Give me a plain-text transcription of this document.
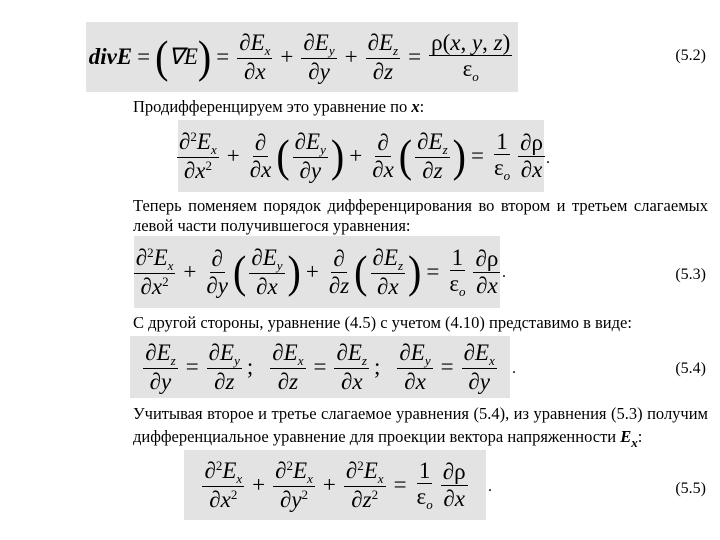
divE = ( ∇E ) = $\frac{\partial E_x}{\partial x} + \frac{\partial E_y}{\partial y} + \frac{\partial E_z}{\partial z} = \frac{\rho(x, y, z)}{\varepsilon_o}$	(5.2)

Продифференцируем это уравнение по x:

$\frac{\partial^2E_x}{\partial x^2} + \frac{\partial}{\partial x}$ ( $\frac{\partial E_y}{\partial y}$ ) + $\frac{\partial}{\partial x}$ ( $\frac{\partial E_z}{\partial z}$ ) = $\frac{1}{\varepsilon_o} \frac{\partial\rho}{\partial x}$ .

Теперь поменяем порядок дифференцирования во втором и третьем слагаемых

левой части получившегося уравнения:

$\frac{\partial^2E_x}{\partial x^2} + \frac{\partial}{\partial y}$ ( $\frac{\partial E_y}{\partial x}$ ) + $\frac{\partial}{\partial z}$ ( $\frac{\partial E_z}{\partial x}$ ) = $\frac{1}{\varepsilon_o} \frac{\partial\rho}{\partial x}$ .	(5.3)

С другой стороны, уравнение (4.5) с учетом (4.10) представимо в виде:

$\frac{\partial E_z}{\partial y} = \frac{\partial E_y}{\partial z}$ ; $\frac{\partial E_x}{\partial z} = \frac{\partial E_z}{\partial x}$ ; $\frac{\partial E_y}{\partial x} = \frac{\partial E_x}{\partial y}$ .	(5.4)

Учитывая второе и третье слагаемое уравнения (5.4), из уравнения (5.3) получим

дифференциальное уравнение для проекции вектора напряженности $E_x$:

$\frac{\partial^2E_x}{\partial x^2} + \frac{\partial^2E_x}{\partial y^2} + \frac{\partial^2E_x}{\partial z^2} = \frac{1}{\varepsilon_o} \frac{\partial\rho}{\partial x}$ .	(5.5)
